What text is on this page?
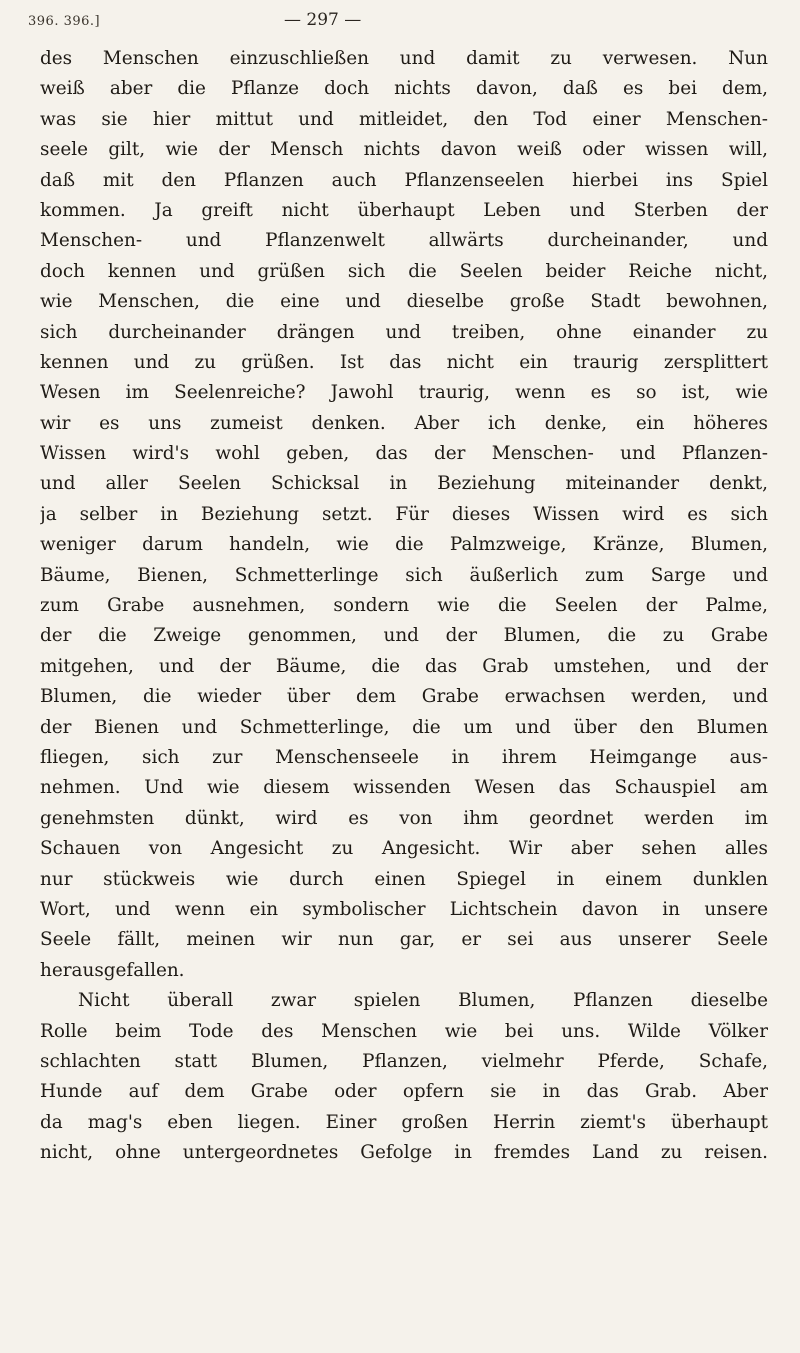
396. 396.]	— 297 —
des Menschen einzuschließen und damit zu verwesen. Nun
weiß aber die Pflanze doch nichts davon, daß es bei dem,
was sie hier mittut und mitleidet, den Tod einer Menschen-
seele gilt, wie der Mensch nichts davon weiß oder wissen will,
daß mit den Pflanzen auch Pflanzenseelen hierbei ins Spiel
kommen. Ja greift nicht überhaupt Leben und Sterben der
Menschen- und Pflanzenwelt allwärts durcheinander, und
doch kennen und grüßen sich die Seelen beider Reiche nicht,
wie Menschen, die eine und dieselbe große Stadt bewohnen,
sich durcheinander drängen und treiben, ohne einander zu
kennen und zu grüßen. Ist das nicht ein traurig zersplittert
Wesen im Seelenreiche? Jawohl traurig, wenn es so ist, wie
wir es uns zumeist denken. Aber ich denke, ein höheres
Wissen wird's wohl geben, das der Menschen- und Pflanzen-
und aller Seelen Schicksal in Beziehung miteinander denkt,
ja selber in Beziehung setzt. Für dieses Wissen wird es sich
weniger darum handeln, wie die Palmzweige, Kränze, Blumen,
Bäume, Bienen, Schmetterlinge sich äußerlich zum Sarge und
zum Grabe ausnehmen, sondern wie die Seelen der Palme,
der die Zweige genommen, und der Blumen, die zu Grabe
mitgehen, und der Bäume, die das Grab umstehen, und der
Blumen, die wieder über dem Grabe erwachsen werden, und
der Bienen und Schmetterlinge, die um und über den Blumen
fliegen, sich zur Menschenseele in ihrem Heimgange aus-
nehmen. Und wie diesem wissenden Wesen das Schauspiel am
genehmsten dünkt, wird es von ihm geordnet werden im
Schauen von Angesicht zu Angesicht. Wir aber sehen alles
nur stückweis wie durch einen Spiegel in einem dunklen
Wort, und wenn ein symbolischer Lichtschein davon in unsere
Seele fällt, meinen wir nun gar, er sei aus unserer Seele
herausgefallen.
Nicht überall zwar spielen Blumen, Pflanzen dieselbe
Rolle beim Tode des Menschen wie bei uns. Wilde Völker
schlachten statt Blumen, Pflanzen, vielmehr Pferde, Schafe,
Hunde auf dem Grabe oder opfern sie in das Grab. Aber
da mag's eben liegen. Einer großen Herrin ziemt's überhaupt
nicht, ohne untergeordnetes Gefolge in fremdes Land zu reisen.
